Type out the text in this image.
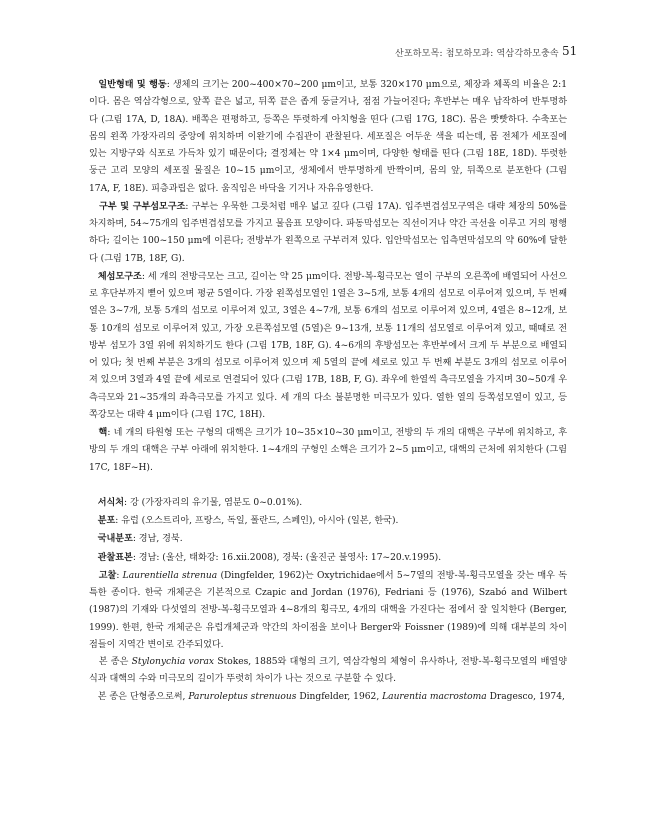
산포하모목: 첨모하모과: 역삼각하모충속 51

일반형태 및 행동: 생체의 크기는 200~400×70~200 μm이고, 보통 320×170 μm으로, 체장과 체폭의 비율은 2:1이다. 몸은 역삼각형으로, 앞쪽 끝은 넓고, 뒤쪽 끝은 좁게 둥글거나, 점점 가늘어진다; 후반부는 매우 납작하여 반투명하다 (그림 17A, D, 18A). 배쪽은 편평하고, 등쪽은 뚜렷하게 아치형을 띤다 (그림 17G, 18C). 몸은 빳빳하다. 수축포는 몸의 왼쪽 가장자리의 중앙에 위치하며 이완기에 수집관이 관찰된다. 세포질은 어두운 색을 띠는데, 몸 전체가 세포질에 있는 지방구와 식포로 가득차 있기 때문이다; 결정체는 약 1×4 μm이며, 다양한 형태를 띤다 (그림 18E, 18D). 뚜렷한 둥근 고리 모양의 세포질 물질은 10~15 μm이고, 생체에서 반투명하게 반짝이며, 몸의 앞, 뒤쪽으로 분포한다 (그림 17A, F, 18E). 피층과립은 없다. 움직임은 바닥을 기거나 자유유영한다.

구부 및 구부섬모구조: 구부는 우묵한 그릇처럼 매우 넓고 깊다 (그림 17A). 입주변겹섬모구역은 대략 체장의 50%를 차지하며, 54~75개의 입주변겹섬모를 가지고 물음표 모양이다. 파동막섬모는 직선이거나 약간 곡선을 이루고 거의 평행하다; 길이는 100~150 μm에 이른다; 전방부가 왼쪽으로 구부러져 있다. 입안막섬모는 입측면막섬모의 약 60%에 달한다 (그림 17B, 18F, G).

체섬모구조: 세 개의 전방극모는 크고, 길이는 약 25 μm이다. 전방-복-횡극모는 열이 구부의 오른쪽에 배열되어 사선으로 후단부까지 뻗어 있으며 평균 5열이다. 가장 왼쪽섬모열인 1열은 3~5개, 보통 4개의 섬모로 이루어져 있으며, 두 번째 열은 3~7개, 보통 5개의 섬모로 이루어져 있고, 3열은 4~7개, 보통 6개의 섬모로 이루어져 있으며, 4열은 8~12개, 보통 10개의 섬모로 이루어져 있고, 가장 오른쪽섬모열 (5열)은 9~13개, 보통 11개의 섬모열로 이루어져 있고, 때때로 전방부 섬모가 3열 위에 위치하기도 한다 (그림 17B, 18F, G). 4~6개의 후방섬모는 후반부에서 크게 두 부분으로 배열되어 있다; 첫 번째 부분은 3개의 섬모로 이루어져 있으며 제 5열의 끝에 세로로 있고 두 번째 부분도 3개의 섬모로 이루어져 있으며 3열과 4열 끝에 세로로 연결되어 있다 (그림 17B, 18B, F, G). 좌우에 한열씩 측극모열을 가지며 30~50개 우측극모와 21~35개의 좌측극모를 가지고 있다. 세 개의 다소 불분명한 미극모가 있다. 열한 열의 등쪽섬모열이 있고, 등쪽강모는 대략 4 μm이다 (그림 17C, 18H).

핵: 네 개의 타원형 또는 구형의 대핵은 크기가 10~35×10~30 μm이고, 전방의 두 개의 대핵은 구부에 위치하고, 후방의 두 개의 대핵은 구부 아래에 위치한다. 1~4개의 구형인 소핵은 크기가 2~5 μm이고, 대핵의 근처에 위치한다 (그림 17C, 18F~H).

서식처: 강 (가장자리의 유기물, 염분도 0~0.01%).

분포: 유럽 (오스트리아, 프랑스, 독일, 폴란드, 스페인), 아시아 (일본, 한국).

국내분포: 경남, 경북.

관찰표본: 경남: (울산, 태화강: 16.xii.2008), 경북: (울진군 불영사: 17~20.v.1995).

고찰: Laurentiella strenua (Dingfelder, 1962)는 Oxytrichidae에서 5~7열의 전방-복-횡극모열을 갖는 매우 독특한 종이다. 한국 개체군은 기본적으로 Czapic and Jordan (1976), Fedriani 등 (1976), Szabó and Wilbert (1987)의 기재와 다섯열의 전방-복-횡극모열과 4~8개의 횡극모, 4개의 대핵을 가진다는 점에서 잘 일치한다 (Berger, 1999). 한편, 한국 개체군은 유럽개체군과 약간의 차이점을 보이나 Berger와 Foissner (1989)에 의해 대부분의 차이점들이 지역간 변이로 간주되었다.

본 종은 Stylonychia vorax Stokes, 1885와 대형의 크기, 역삼각형의 체형이 유사하나, 전방-복-횡극모열의 배열양식과 대핵의 수와 미극모의 길이가 뚜렷히 차이가 나는 것으로 구분할 수 있다.

본 종은 단형종으로써, Paruroleptus strenuous Dingfelder, 1962, Laurentia macrostoma Dragesco, 1974,
